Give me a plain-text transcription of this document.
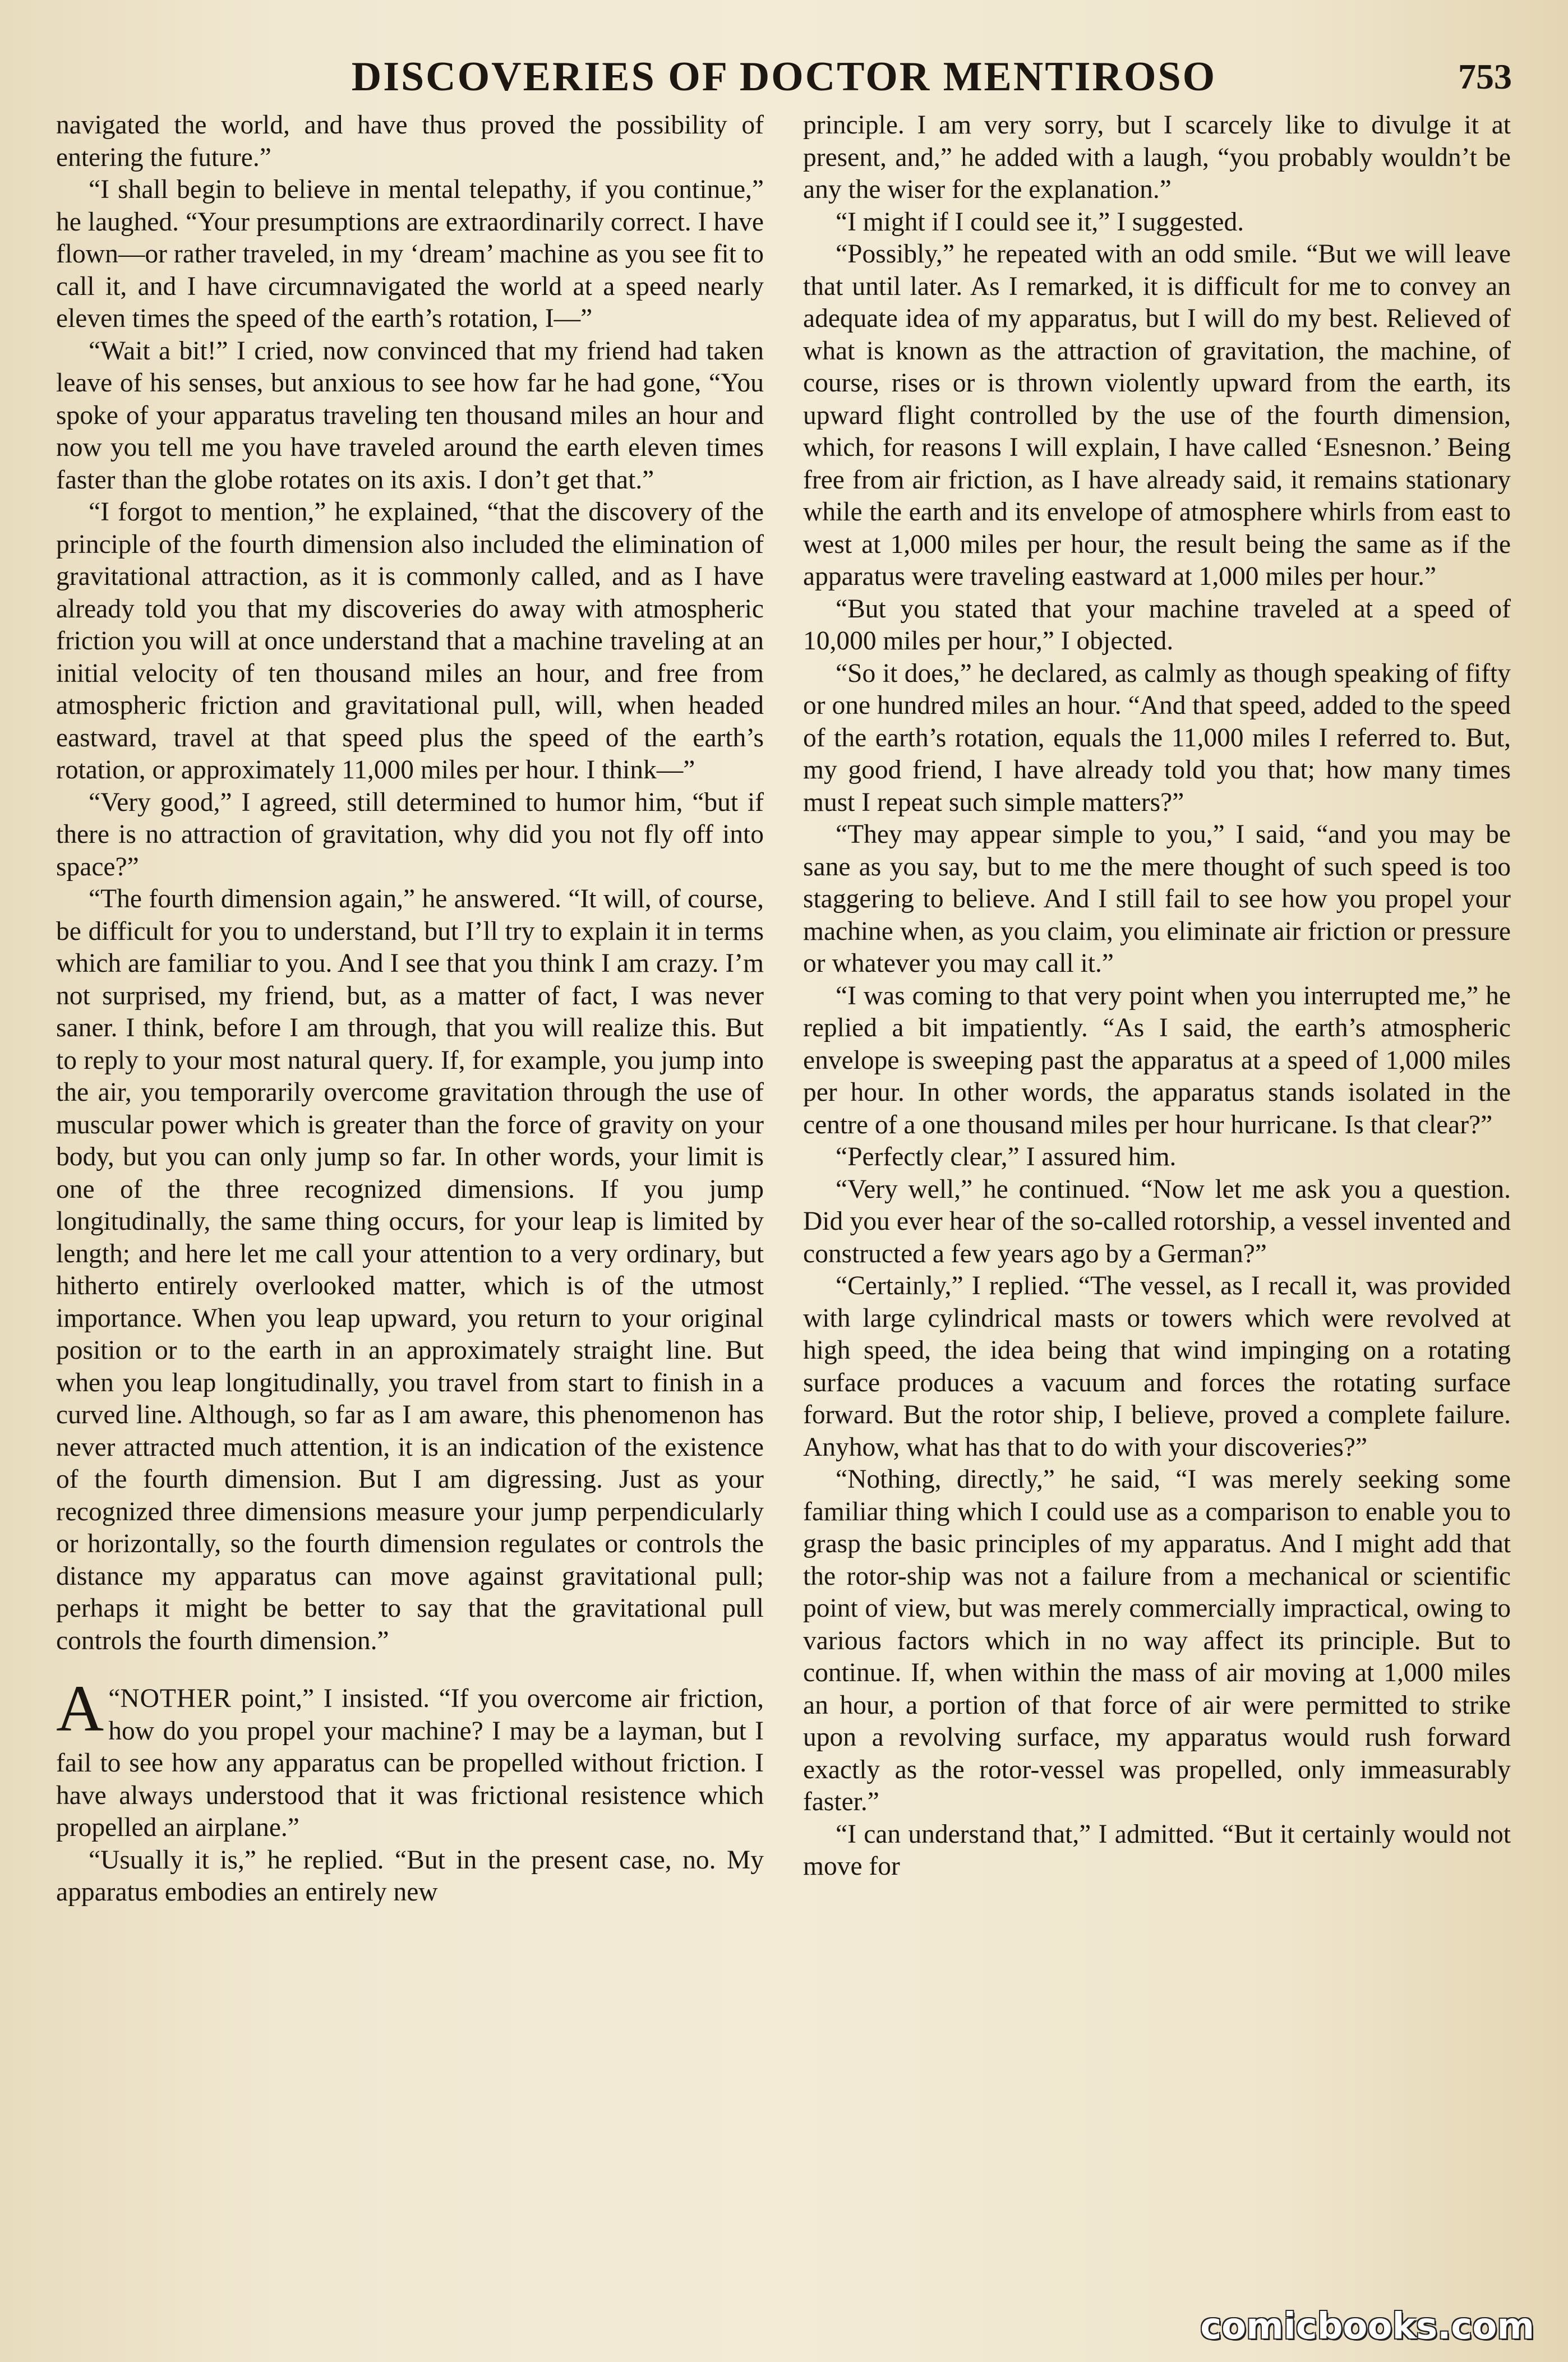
DISCOVERIES OF DOCTOR MENTIROSO	753

navigated the world, and have thus proved the possibility of entering the future.”

“I shall begin to believe in mental telepathy, if you continue,” he laughed. “Your presumptions are extraordinarily correct. I have flown—or rather traveled, in my ‘dream’ machine as you see fit to call it, and I have circumnavigated the world at a speed nearly eleven times the speed of the earth’s rotation, I—”

“Wait a bit!” I cried, now convinced that my friend had taken leave of his senses, but anxious to see how far he had gone, “You spoke of your apparatus traveling ten thousand miles an hour and now you tell me you have traveled around the earth eleven times faster than the globe rotates on its axis. I don’t get that.”

“I forgot to mention,” he explained, “that the discovery of the principle of the fourth dimension also included the elimination of gravitational attraction, as it is commonly called, and as I have already told you that my discoveries do away with atmospheric friction you will at once understand that a machine traveling at an initial velocity of ten thousand miles an hour, and free from atmospheric friction and gravitational pull, will, when headed eastward, travel at that speed plus the speed of the earth’s rotation, or approximately 11,000 miles per hour. I think—”

“Very good,” I agreed, still determined to humor him, “but if there is no attraction of gravitation, why did you not fly off into space?”

“The fourth dimension again,” he answered. “It will, of course, be difficult for you to understand, but I’ll try to explain it in terms which are familiar to you. And I see that you think I am crazy. I’m not surprised, my friend, but, as a matter of fact, I was never saner. I think, before I am through, that you will realize this. But to reply to your most natural query. If, for example, you jump into the air, you temporarily overcome gravitation through the use of muscular power which is greater than the force of gravity on your body, but you can only jump so far. In other words, your limit is one of the three recognized dimensions. If you jump longitudinally, the same thing occurs, for your leap is limited by length; and here let me call your attention to a very ordinary, but hitherto entirely overlooked matter, which is of the utmost importance. When you leap upward, you return to your original position or to the earth in an approximately straight line. But when you leap longitudinally, you travel from start to finish in a curved line. Although, so far as I am aware, this phenomenon has never attracted much attention, it is an indication of the existence of the fourth dimension. But I am digressing. Just as your recognized three dimensions measure your jump perpendicularly or horizontally, so the fourth dimension regulates or controls the distance my apparatus can move against gravitational pull; perhaps it might be better to say that the gravitational pull controls the fourth dimension.”

“
A NOTHER point,” I insisted. “If you overcome air friction, how do you propel your machine? I may be a layman, but I fail to see how any apparatus can be propelled without friction. I have always understood that it was frictional resistence which propelled an airplane.”

“Usually it is,” he replied. “But in the present case, no. My apparatus embodies an entirely new

principle. I am very sorry, but I scarcely like to divulge it at present, and,” he added with a laugh, “you probably wouldn’t be any the wiser for the explanation.”

“I might if I could see it,” I suggested.

“Possibly,” he repeated with an odd smile. “But we will leave that until later. As I remarked, it is difficult for me to convey an adequate idea of my apparatus, but I will do my best. Relieved of what is known as the attraction of gravitation, the machine, of course, rises or is thrown violently upward from the earth, its upward flight controlled by the use of the fourth dimension, which, for reasons I will explain, I have called ‘Esnesnon.’ Being free from air friction, as I have already said, it remains stationary while the earth and its envelope of atmosphere whirls from east to west at 1,000 miles per hour, the result being the same as if the apparatus were traveling eastward at 1,000 miles per hour.”

“But you stated that your machine traveled at a speed of 10,000 miles per hour,” I objected.

“So it does,” he declared, as calmly as though speaking of fifty or one hundred miles an hour. “And that speed, added to the speed of the earth’s rotation, equals the 11,000 miles I referred to. But, my good friend, I have already told you that; how many times must I repeat such simple matters?”

“They may appear simple to you,” I said, “and you may be sane as you say, but to me the mere thought of such speed is too staggering to believe. And I still fail to see how you propel your machine when, as you claim, you eliminate air friction or pressure or whatever you may call it.”

“I was coming to that very point when you interrupted me,” he replied a bit impatiently. “As I said, the earth’s atmospheric envelope is sweeping past the apparatus at a speed of 1,000 miles per hour. In other words, the apparatus stands isolated in the centre of a one thousand miles per hour hurricane. Is that clear?”

“Perfectly clear,” I assured him.

“Very well,” he continued. “Now let me ask you a question. Did you ever hear of the so-called rotorship, a vessel invented and constructed a few years ago by a German?”

“Certainly,” I replied. “The vessel, as I recall it, was provided with large cylindrical masts or towers which were revolved at high speed, the idea being that wind impinging on a rotating surface produces a vacuum and forces the rotating surface forward. But the rotor ship, I believe, proved a complete failure. Anyhow, what has that to do with your discoveries?”

“Nothing, directly,” he said, “I was merely seeking some familiar thing which I could use as a comparison to enable you to grasp the basic principles of my apparatus. And I might add that the rotor-ship was not a failure from a mechanical or scientific point of view, but was merely commercially impractical, owing to various factors which in no way affect its principle. But to continue. If, when within the mass of air moving at 1,000 miles an hour, a portion of that force of air were permitted to strike upon a revolving surface, my apparatus would rush forward exactly as the rotor-vessel was propelled, only immeasurably faster.”

“I can understand that,” I admitted. “But it certainly would not move for

comicbooks.com
